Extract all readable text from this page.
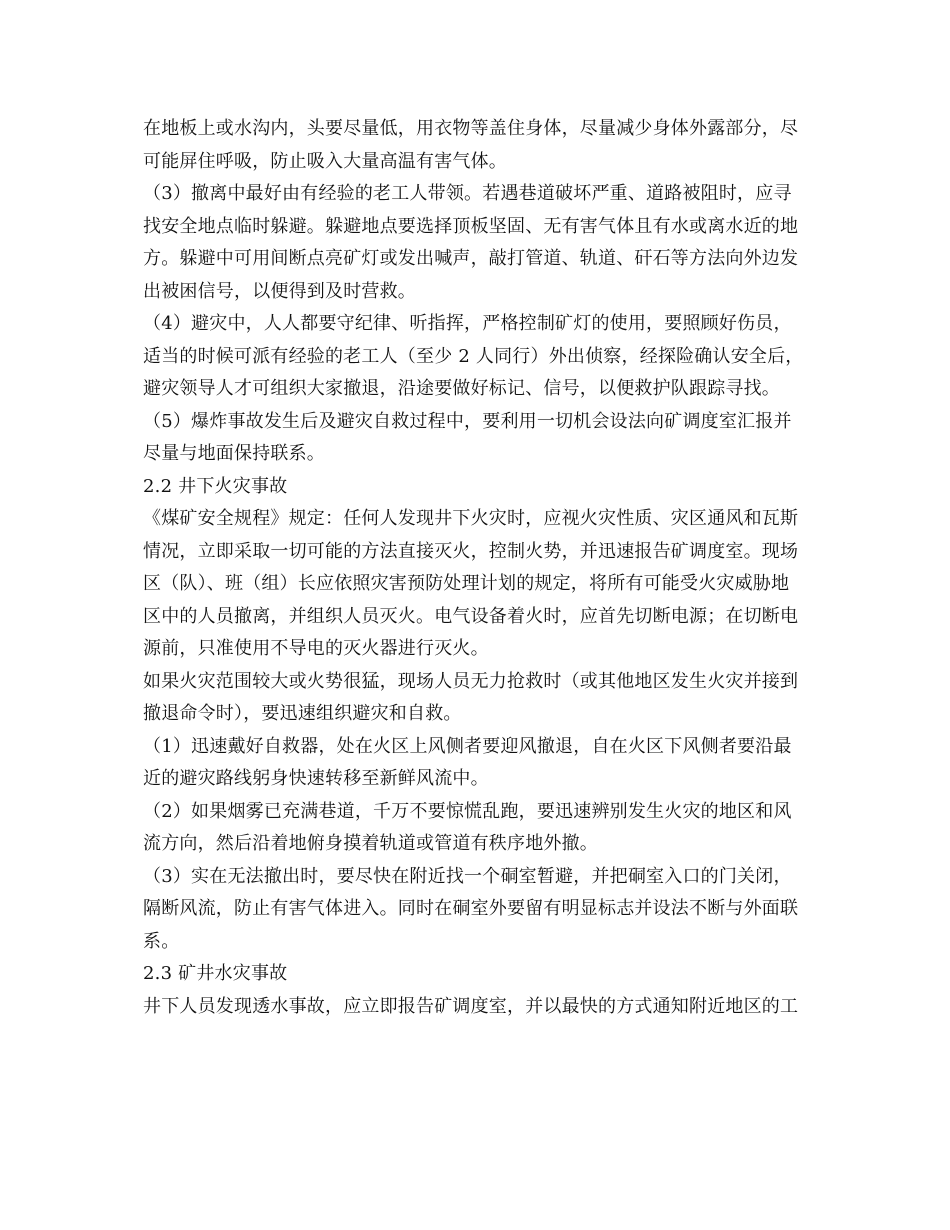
在地板上或水沟内，头要尽量低，用衣物等盖住身体，尽量减少身体外露部分，尽
可能屏住呼吸，防止吸入大量高温有害气体。
（3）撤离中最好由有经验的老工人带领。若遇巷道破坏严重、道路被阻时，应寻
找安全地点临时躲避。躲避地点要选择顶板坚固、无有害气体且有水或离水近的地
方。躲避中可用间断点亮矿灯或发出喊声，敲打管道、轨道、矸石等方法向外边发
出被困信号，以便得到及时营救。
（4）避灾中，人人都要守纪律、听指挥，严格控制矿灯的使用，要照顾好伤员，
适当的时候可派有经验的老工人（至少 2 人同行）外出侦察，经探险确认安全后，
避灾领导人才可组织大家撤退，沿途要做好标记、信号，以便救护队跟踪寻找。
（5）爆炸事故发生后及避灾自救过程中，要利用一切机会设法向矿调度室汇报并
尽量与地面保持联系。
2.2 井下火灾事故
《煤矿安全规程》规定：任何人发现井下火灾时，应视火灾性质、灾区通风和瓦斯
情况，立即采取一切可能的方法直接灭火，控制火势，并迅速报告矿调度室。现场
区（队）、班（组）长应依照灾害预防处理计划的规定，将所有可能受火灾威胁地
区中的人员撤离，并组织人员灭火。电气设备着火时，应首先切断电源；在切断电
源前，只准使用不导电的灭火器进行灭火。
如果火灾范围较大或火势很猛，现场人员无力抢救时（或其他地区发生火灾并接到
撤退命令时），要迅速组织避灾和自救。
（1）迅速戴好自救器，处在火区上风侧者要迎风撤退，自在火区下风侧者要沿最
近的避灾路线躬身快速转移至新鲜风流中。
（2）如果烟雾已充满巷道，千万不要惊慌乱跑，要迅速辨别发生火灾的地区和风
流方向，然后沿着地俯身摸着轨道或管道有秩序地外撤。
（3）实在无法撤出时，要尽快在附近找一个硐室暂避，并把硐室入口的门关闭，
隔断风流，防止有害气体进入。同时在硐室外要留有明显标志并设法不断与外面联
系。
2.3 矿井水灾事故
井下人员发现透水事故，应立即报告矿调度室，并以最快的方式通知附近地区的工
